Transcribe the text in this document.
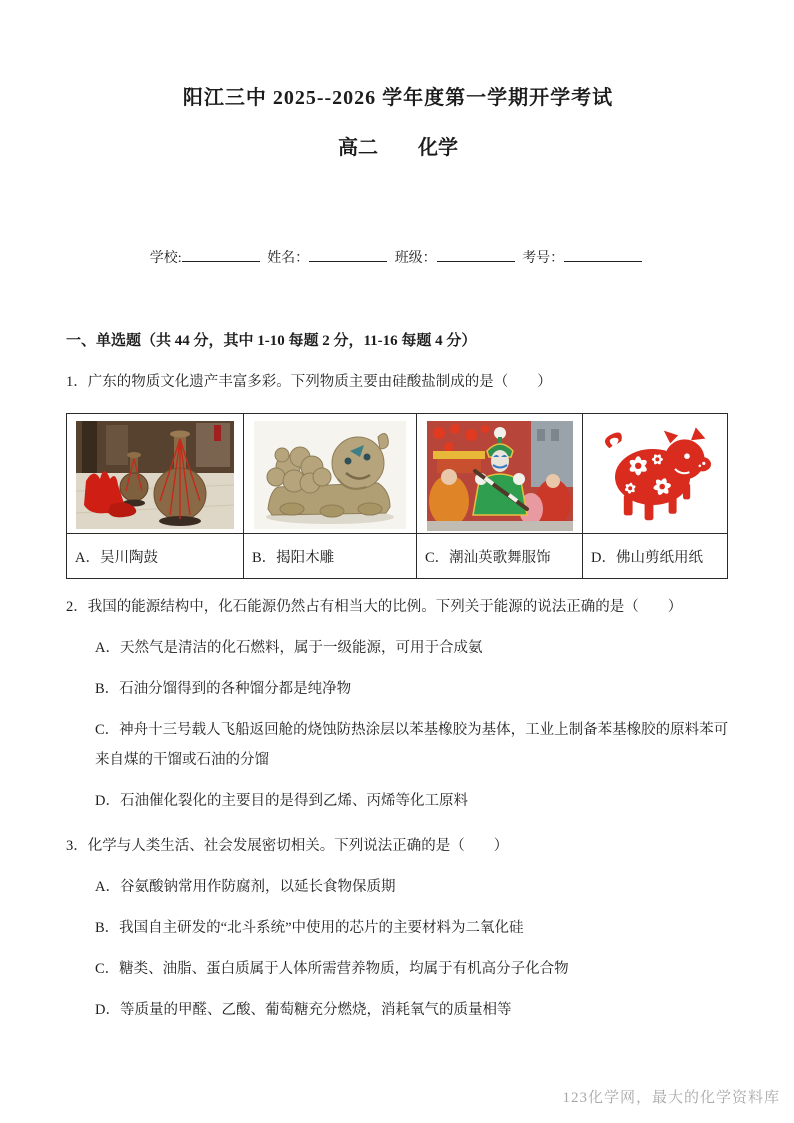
阳江三中 2025--2026 学年度第一学期开学考试
高二　　化学
学校:	姓名：	班级：	考号：
一、单选题（共 44 分，其中 1-10 每题 2 分，11-16 每题 4 分）
1．广东的物质文化遗产丰富多彩。下列物质主要由硅酸盐制成的是（　　）

A．吴川陶鼓	B．揭阳木雕	C．潮汕英歌舞服饰	D．佛山剪纸用纸
2．我国的能源结构中，化石能源仍然占有相当大的比例。下列关于能源的说法正确的是（　　）
A．天然气是清洁的化石燃料，属于一级能源，可用于合成氨
B．石油分馏得到的各种馏分都是纯净物
C．神舟十三号载人飞船返回舱的烧蚀防热涂层以苯基橡胶为基体，工业上制备苯基橡胶的原料苯可来自煤的干馏或石油的分馏
D．石油催化裂化的主要目的是得到乙烯、丙烯等化工原料
3．化学与人类生活、社会发展密切相关。下列说法正确的是（　　）
A．谷氨酸钠常用作防腐剂，以延长食物保质期
B．我国自主研发的“北斗系统”中使用的芯片的主要材料为二氧化硅
C．糖类、油脂、蛋白质属于人体所需营养物质，均属于有机高分子化合物
D．等质量的甲醛、乙酸、葡萄糖充分燃烧，消耗氧气的质量相等
123化学网，最大的化学资料库
